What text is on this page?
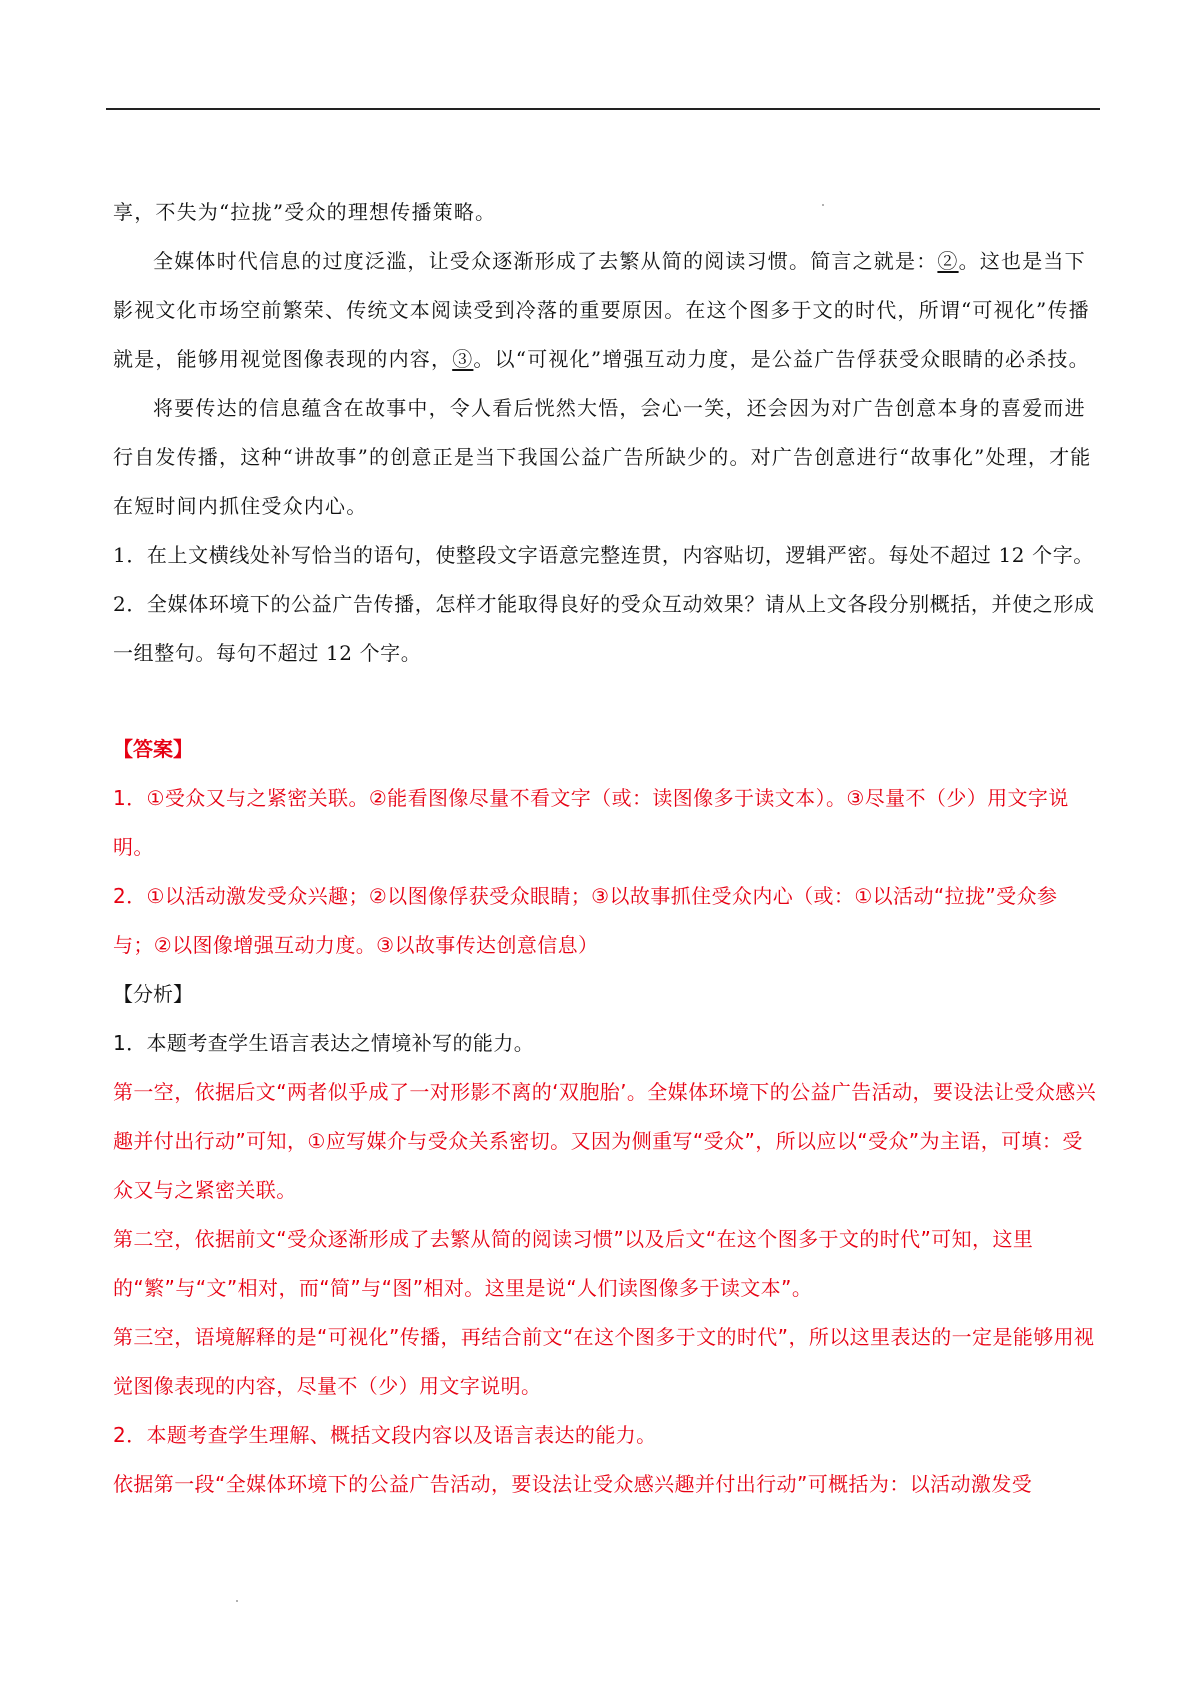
享，不失为“拉拢”受众的理想传播策略。

全媒体时代信息的过度泛滥，让受众逐渐形成了去繁从简的阅读习惯。简言之就是：②。这也是当下影视文化市场空前繁荣、传统文本阅读受到冷落的重要原因。在这个图多于文的时代，所谓“可视化”传播就是，能够用视觉图像表现的内容，③。以“可视化”增强互动力度，是公益广告俘获受众眼睛的必杀技。

将要传达的信息蕴含在故事中，令人看后恍然大悟，会心一笑，还会因为对广告创意本身的喜爱而进行自发传播，这种“讲故事”的创意正是当下我国公益广告所缺少的。对广告创意进行“故事化”处理，才能在短时间内抓住受众内心。

1．在上文横线处补写恰当的语句，使整段文字语意完整连贯，内容贴切，逻辑严密。每处不超过 12 个字。

2．全媒体环境下的公益广告传播，怎样才能取得良好的受众互动效果？请从上文各段分别概括，并使之形成一组整句。每句不超过 12 个字。

【答案】

1．①受众又与之紧密关联。②能看图像尽量不看文字（或：读图像多于读文本）。③尽量不（少）用文字说明。

2．①以活动激发受众兴趣；②以图像俘获受众眼睛；③以故事抓住受众内心（或：①以活动“拉拢”受众参与；②以图像增强互动力度。③以故事传达创意信息）

【分析】

1．本题考查学生语言表达之情境补写的能力。

第一空，依据后文“两者似乎成了一对形影不离的‘双胞胎’。全媒体环境下的公益广告活动，要设法让受众感兴趣并付出行动”可知，①应写媒介与受众关系密切。又因为侧重写“受众”，所以应以“受众”为主语，可填：受众又与之紧密关联。

第二空，依据前文“受众逐渐形成了去繁从简的阅读习惯”以及后文“在这个图多于文的时代”可知，这里的“繁”与“文”相对，而“简”与“图”相对。这里是说“人们读图像多于读文本”。

第三空，语境解释的是“可视化”传播，再结合前文“在这个图多于文的时代”，所以这里表达的一定是能够用视觉图像表现的内容，尽量不（少）用文字说明。

2．本题考查学生理解、概括文段内容以及语言表达的能力。

依据第一段“全媒体环境下的公益广告活动，要设法让受众感兴趣并付出行动”可概括为：以活动激发受
